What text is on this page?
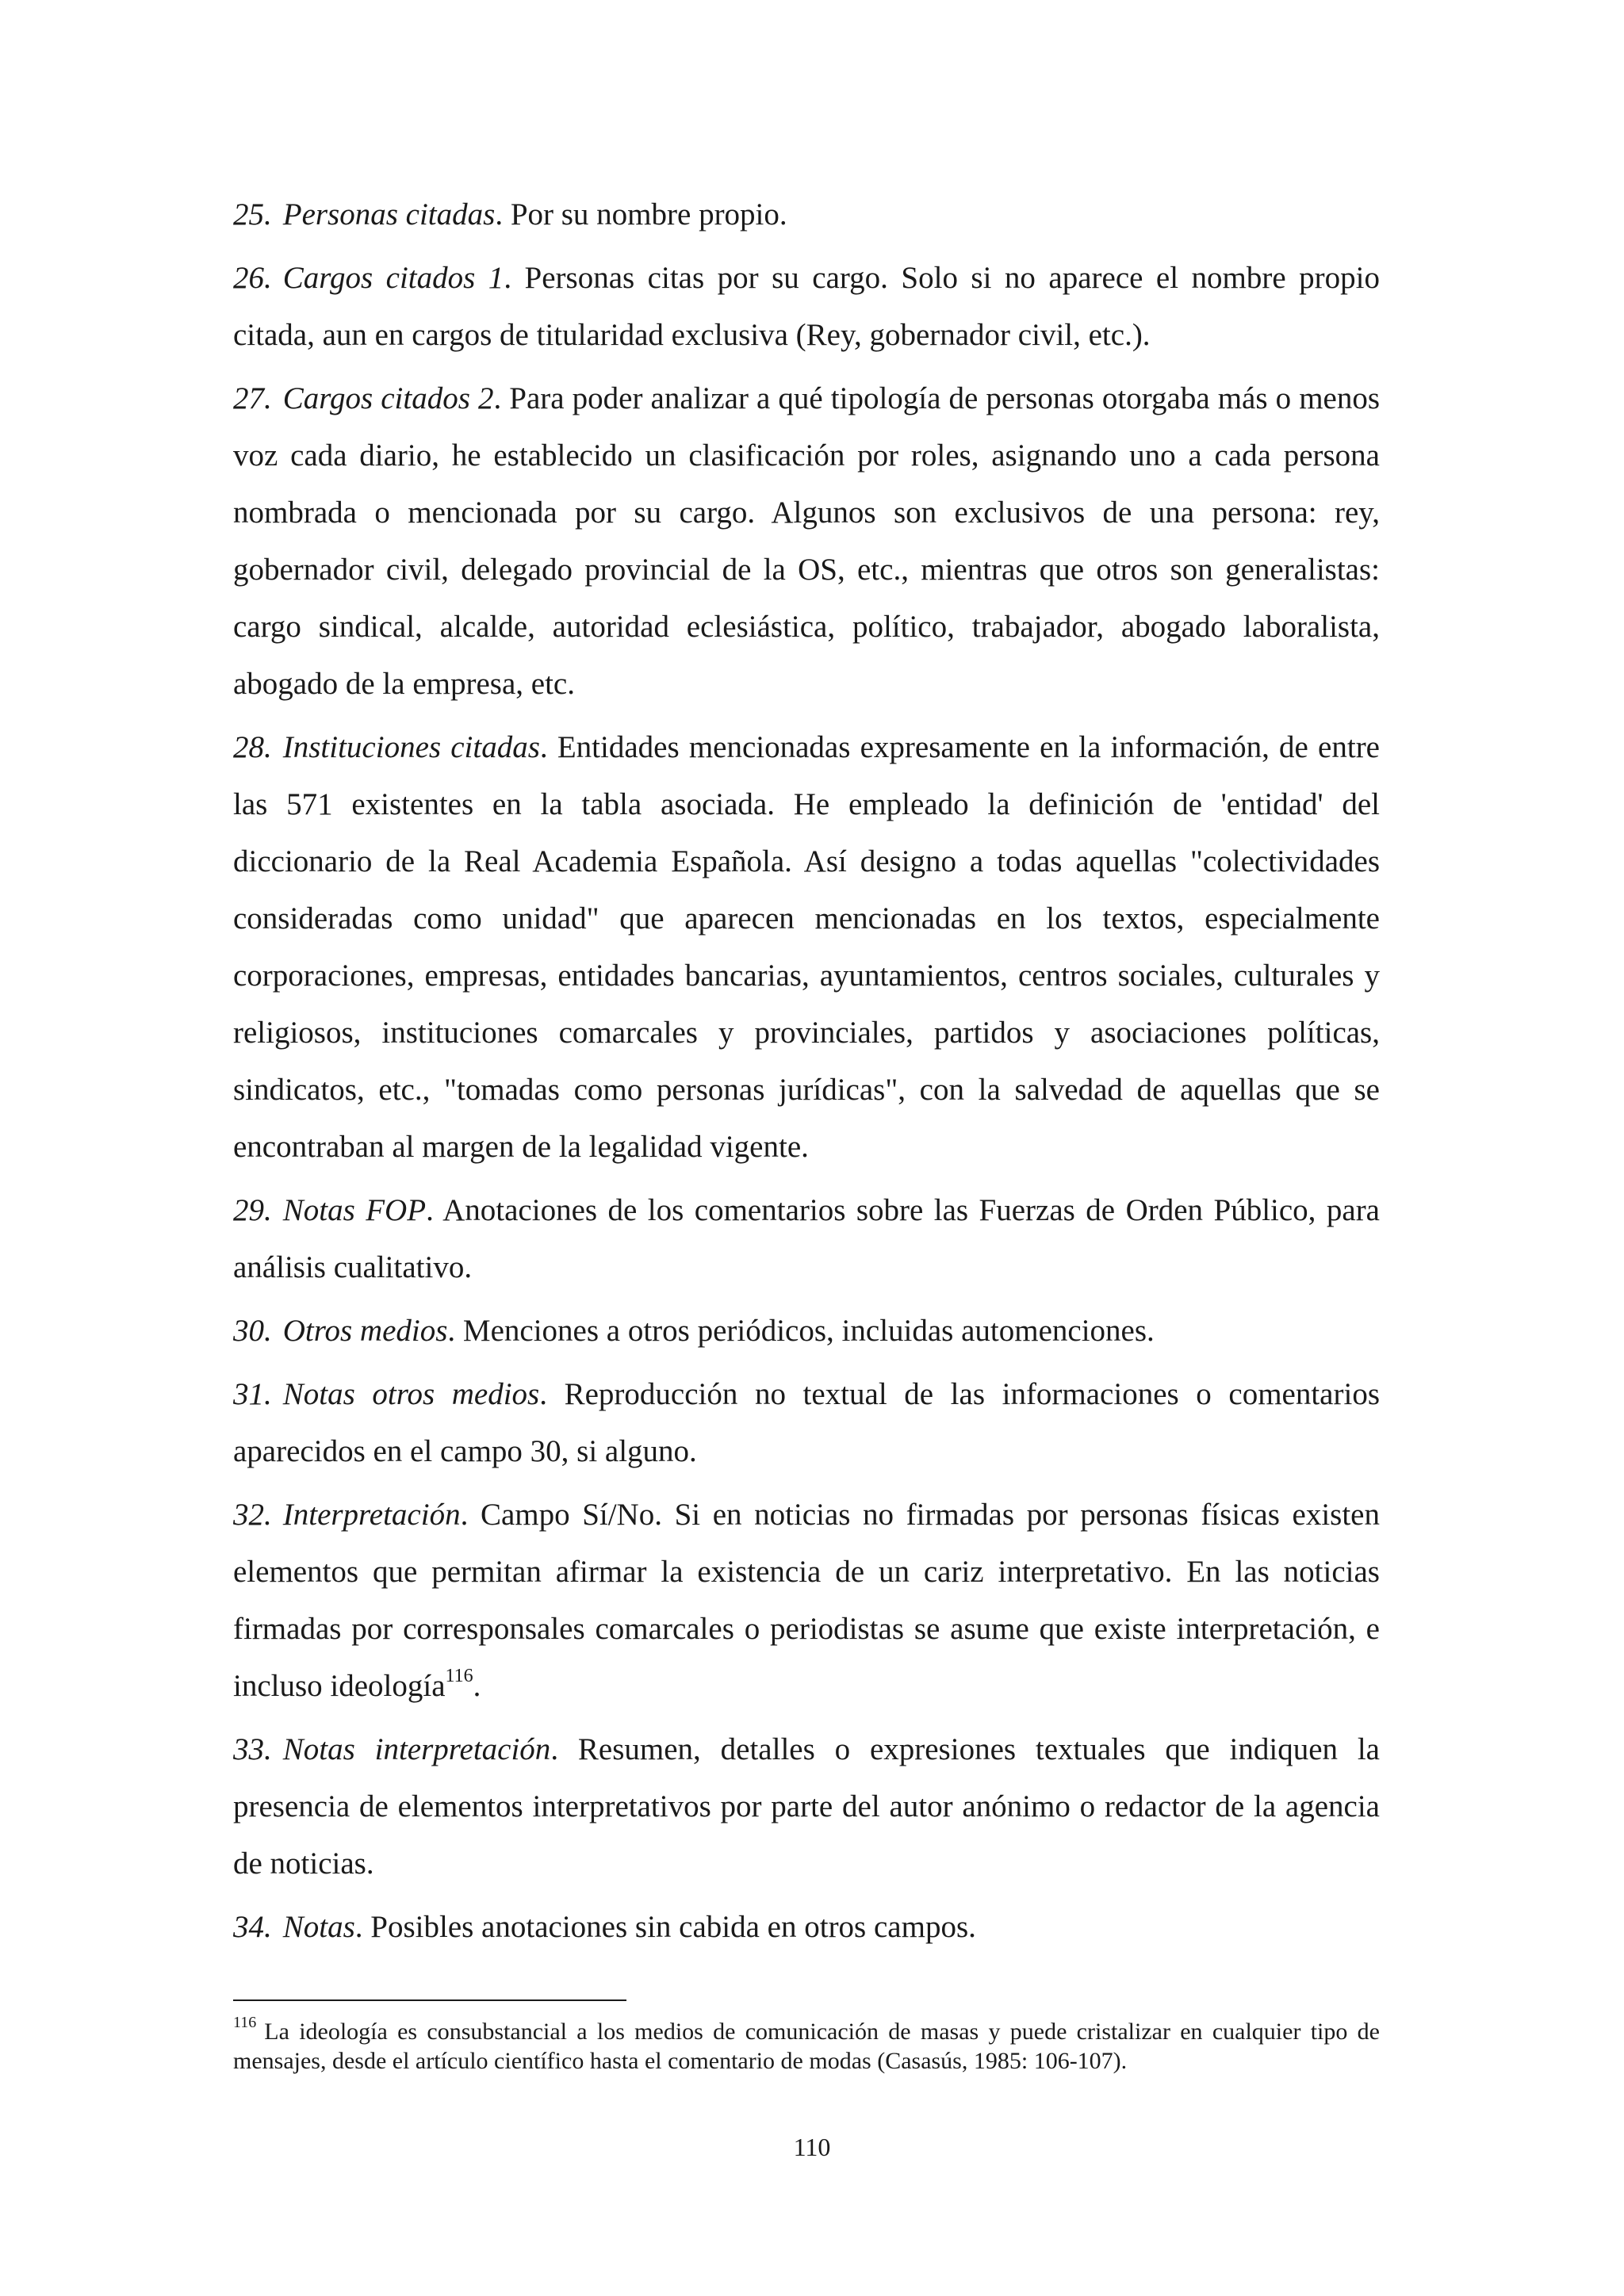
25. Personas citadas. Por su nombre propio.

26. Cargos citados 1. Personas citas por su cargo. Solo si no aparece el nombre propio citada, aun en cargos de titularidad exclusiva (Rey, gobernador civil, etc.).

27. Cargos citados 2. Para poder analizar a qué tipología de personas otorgaba más o menos voz cada diario, he establecido un clasificación por roles, asignando uno a cada persona nombrada o mencionada por su cargo. Algunos son exclusivos de una persona: rey, gobernador civil, delegado provincial de la OS, etc., mientras que otros son generalistas: cargo sindical, alcalde, autoridad eclesiástica, político, trabajador, abogado laboralista, abogado de la empresa, etc.

28. Instituciones citadas. Entidades mencionadas expresamente en la información, de entre las 571 existentes en la tabla asociada. He empleado la definición de 'entidad' del diccionario de la Real Academia Española. Así designo a todas aquellas "colectividades consideradas como unidad" que aparecen mencionadas en los textos, especialmente corporaciones, empresas, entidades bancarias, ayuntamientos, centros sociales, culturales y religiosos, instituciones comarcales y provinciales, partidos y asociaciones políticas, sindicatos, etc., "tomadas como personas jurídicas", con la salvedad de aquellas que se encontraban al margen de la legalidad vigente.

29. Notas FOP. Anotaciones de los comentarios sobre las Fuerzas de Orden Público, para análisis cualitativo.

30. Otros medios. Menciones a otros periódicos, incluidas automenciones.

31. Notas otros medios. Reproducción no textual de las informaciones o comentarios aparecidos en el campo 30, si alguno.

32. Interpretación. Campo Sí/No. Si en noticias no firmadas por personas físicas existen elementos que permitan afirmar la existencia de un cariz interpretativo. En las noticias firmadas por corresponsales comarcales o periodistas se asume que existe interpretación, e incluso ideología$^{116}$.

33. Notas interpretación. Resumen, detalles o expresiones textuales que indiquen la presencia de elementos interpretativos por parte del autor anónimo o redactor de la agencia de noticias.

34. Notas. Posibles anotaciones sin cabida en otros campos.

$^{116}$ La ideología es consubstancial a los medios de comunicación de masas y puede cristalizar en cualquier tipo de mensajes, desde el artículo científico hasta el comentario de modas (Casasús, 1985: 106-107).
110
